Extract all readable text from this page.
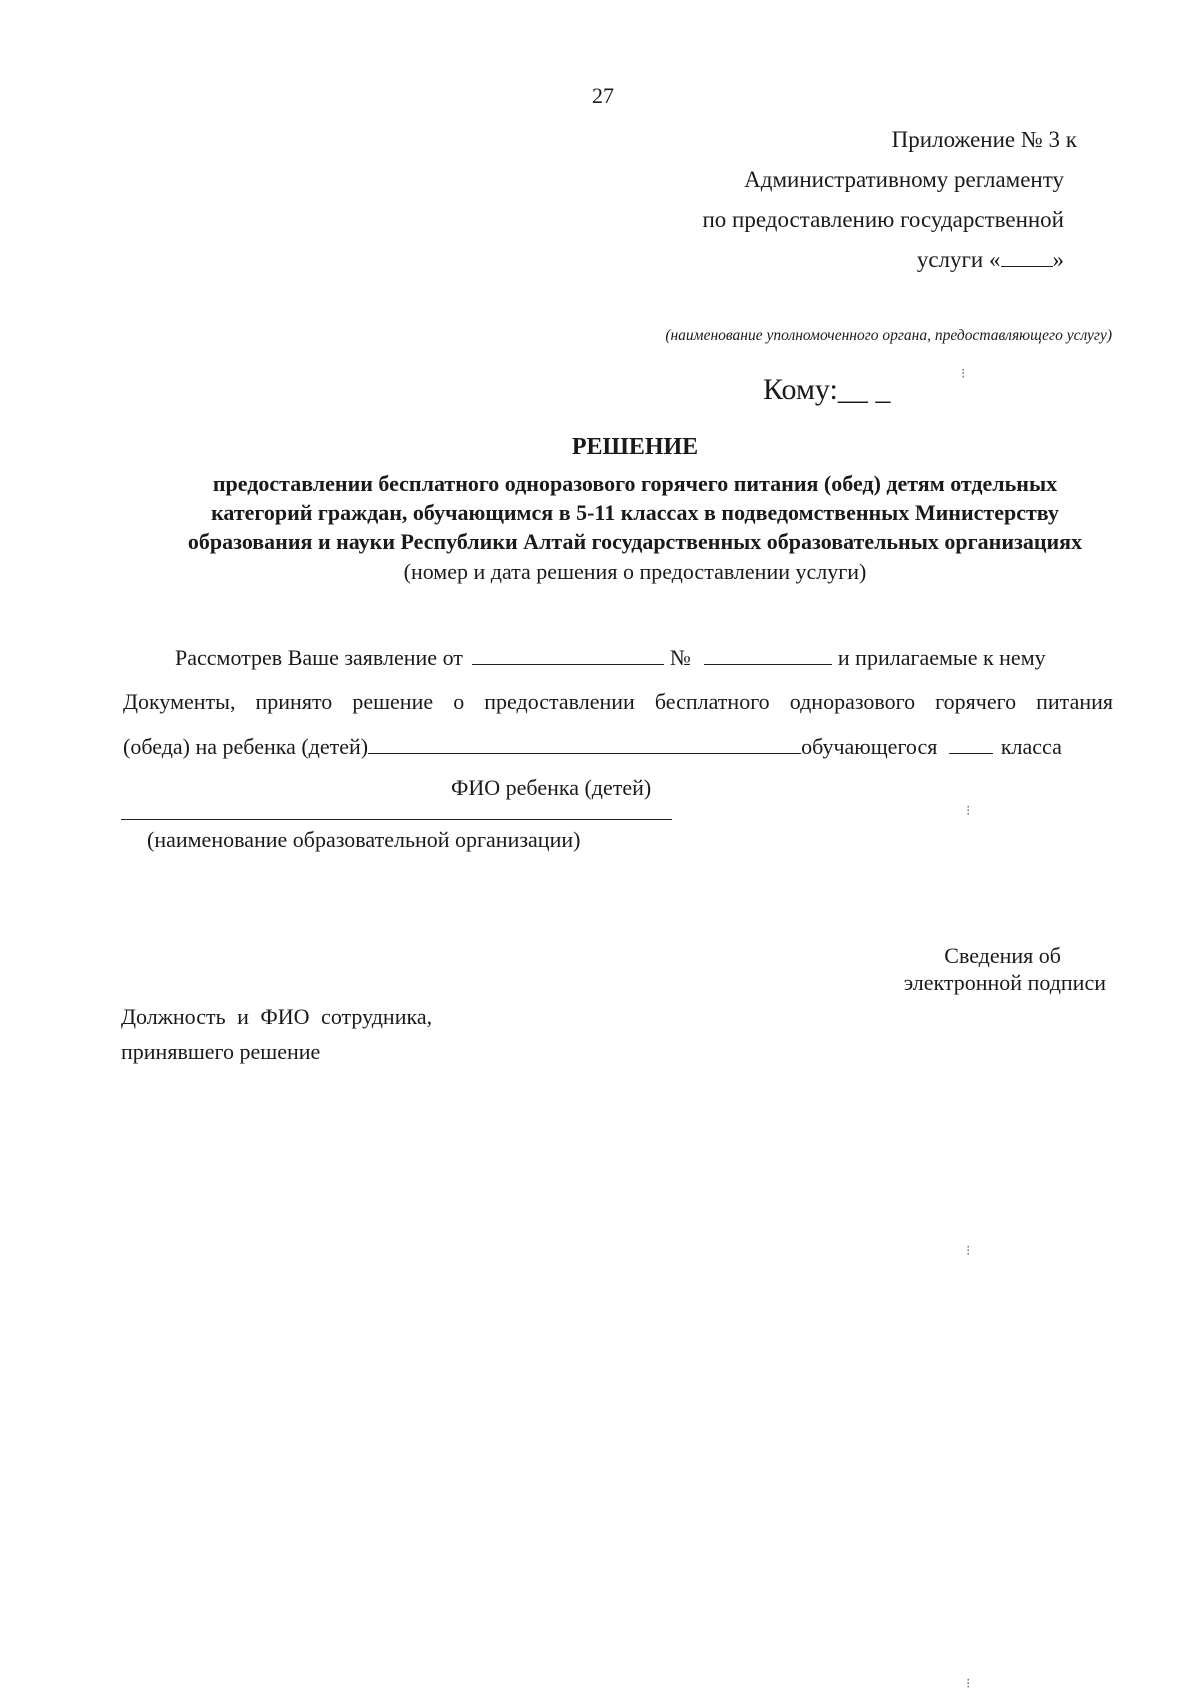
27
Приложение № 3 к
Административному регламенту
по предоставлению государственной
услуги « »
(наименование уполномоченного органа, предоставляющего услугу)
Кому:__ _
РЕШЕНИЕ
предоставлении бесплатного одноразового горячего питания (обед) детям отдельных
категорий граждан, обучающимся в 5-11 классах в подведомственных Министерству
образования и науки Республики Алтай государственных образовательных организациях
(номер и дата решения о предоставлении услуги)
Рассмотрев Ваше заявление от	№	и прилагаемые к нему
Документы, принято решение о предоставлении бесплатного одноразового горячего питания
(обеда) на ребенка (детей)	обучающегося	класса
ФИО ребенка (детей)
(наименование образовательной организации)
Сведения об
электронной подписи
Должность и ФИО сотрудника,
принявшего решение
⁝
⁝
⁝
⁝
